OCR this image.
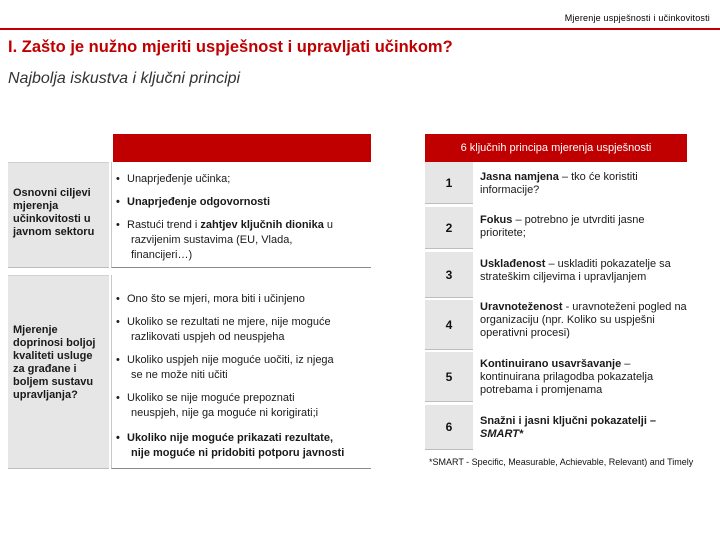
Mjerenje uspješnosti i učinkovitosti
I. Zašto je nužno mjeriti uspješnost i upravljati učinkom?
Najbolja iskustva i ključni principi
6 ključnih principa mjerenja uspješnosti
Osnovni ciljevi mjerenja učinkovitosti u javnom sektoru
Mjerenje doprinosi boljoj kvaliteti usluge za građane i boljem sustavu upravljanja?
• Unaprjeđenje učinka;
• Unaprjeđenje odgovornosti
• Rastući trend i zahtjev ključnih dionika u
razvijenim sustavima (EU, Vlada,
financijeri…)
• Ono što se mjeri, mora biti i učinjeno
• Ukoliko se rezultati ne mjere, nije moguće
razlikovati uspjeh od neuspjeha
• Ukoliko uspjeh nije moguće uočiti, iz njega
se ne može niti učiti
• Ukoliko se nije moguće prepoznati
neuspjeh, nije ga moguće ni korigirati;i
• Ukoliko nije moguće prikazati rezultate,
nije moguće ni pridobiti potporu javnosti
1
2
3
4
5
6
Jasna namjena – tko će koristiti informacije?
Fokus – potrebno je utvrditi jasne prioritete;
Usklađenost – uskladiti pokazatelje sa strateškim ciljevima i upravljanjem
Uravnoteženost - uravnoteženi pogled na organizaciju (npr. Koliko su uspješni operativni procesi)
Kontinuirano usavršavanje – kontinuirana prilagodba pokazatelja potrebama i promjenama
Snažni i jasni ključni pokazatelji – SMART*
*SMART - Specific, Measurable, Achievable, Relevant) and Timely
